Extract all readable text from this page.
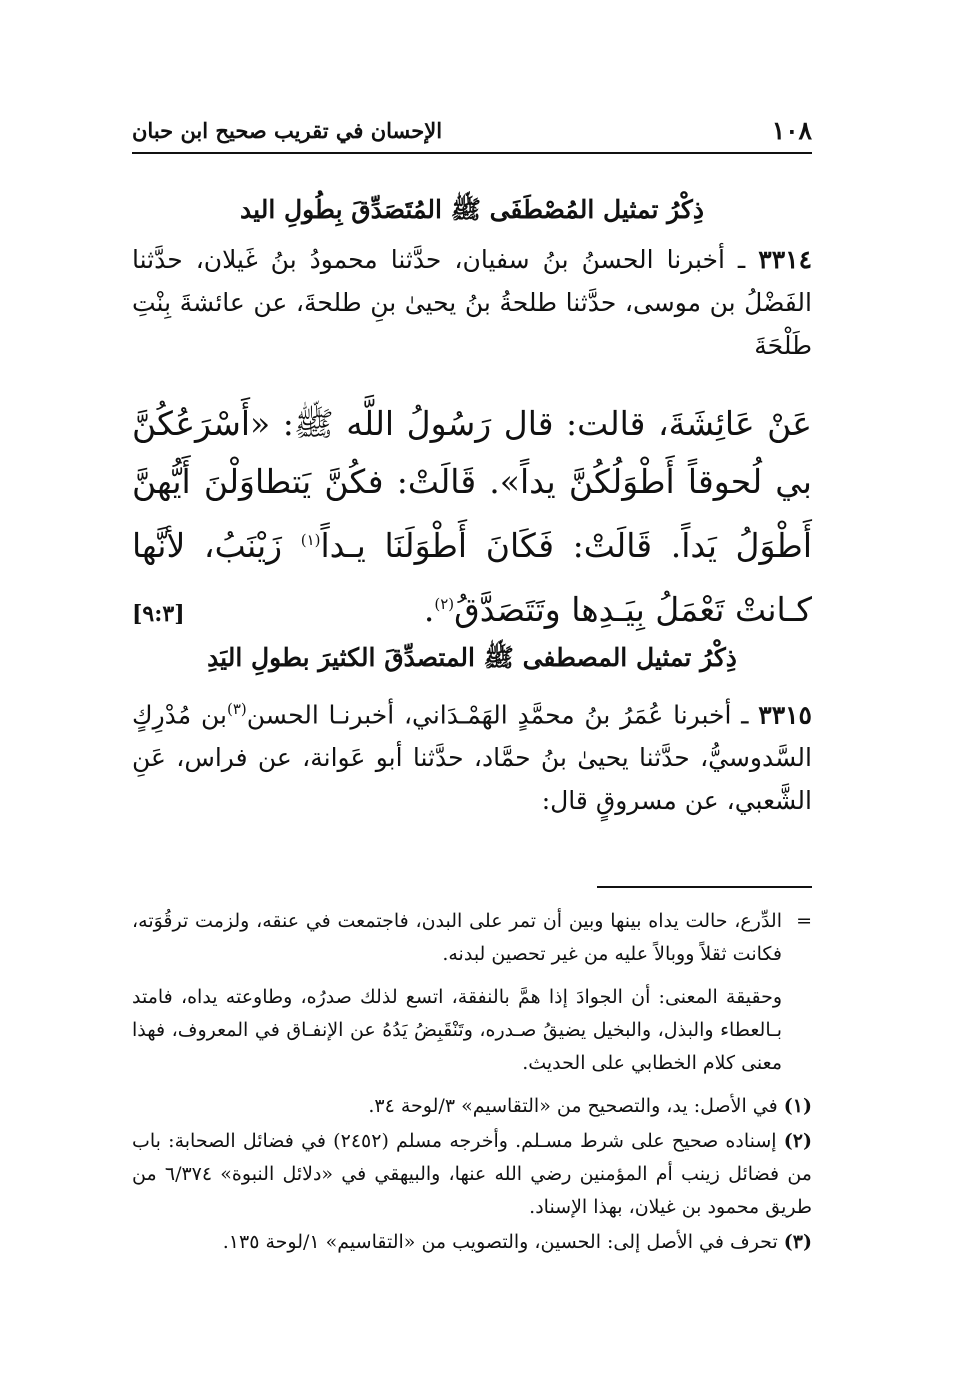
١٠٨
الإحسان في تقريب صحيح ابن حبان
ذِكْرُ تمثيل المُصْطَفَى ﷺ المُتَصَدِّقَ بِطُولِ اليد

٣٣١٤ ـ أخبرنا الحسنُ بنُ سفيان، حدَّثنا محمودُ بنُ غَيلان، حدَّثنا الفَضْلُ بن موسى، حدَّثنا طلحةُ بنُ يحيىٰ بنِ طلحةَ، عن عائشةَ بِنْتِ طَلْحَةَ

عَنْ عَائِشَةَ، قالت: قال رَسُولُ اللَّه ﷺ: «أَسْرَعُكُنَّ بي لُحوقاً أَطْوَلُكُنَّ يداً». قَالَتْ: فكُنَّ يَتطاوَلْنَ أَيُّهنَّ أَطْوَلُ يَداً. قَالَتْ: فَكَانَ أَطْوَلَنَا يـداً$^{(١)}$ زَيْنَبُ، لأنَّها كـانتْ تَعْمَلُ بِيَـدِها وتَتَصَدَّقُ$^{(٢)}$.

[٩:٣]
ذِكْرُ تمثيل المصطفى ﷺ المتصدِّقَ الكثيرَ بطولِ اليَدِ

٣٣١٥ ـ أخبرنا عُمَرُ بنُ محمَّدٍ الهَمْـدَاني، أخبرنـا الحسن$^{(٣)}$بن مُدْرِكٍ السَّدوسيُّ، حدَّثنا يحيىٰ بنُ حمَّاد، حدَّثنا أبو عَوانة، عن فراس، عَنِ الشَّعبي، عن مسروقٍ قال:

=
الدِّرع، حالت يداه بينها وبين أن تمر على البدن، فاجتمعت في عنقه، ولزمت ترقُوَته، فكانت ثقلاً ووبالاً عليه من غير تحصين لبدنه.

وحقيقة المعنى: أن الجوادَ إذا همَّ بالنفقة، اتسع لذلك صدرُه، وطاوعته يداه، فامتد بـالعطاء والبذل، والبخيل يضيقُ صـدره، وتَنْقَبِضُ يَدُهُ عن الإنفـاق في المعروف، فهذا معنى كلام الخطابي على الحديث.

(١) في الأصل: يد، والتصحيح من «التقاسيم» ٣/لوحة ٣٤.

(٢) إسناده صحيح على شرط مسـلم. وأخرجه مسلم (٢٤٥٢) في فضائل الصحابة: باب من فضائل زينب أم المؤمنين رضي الله عنها، والبيهقي في «دلائل النبوة» ٦/٣٧٤ من طريق محمود بن غيلان، بهذا الإسناد.

(٣) تحرف في الأصل إلى: الحسين، والتصويب من «التقاسيم» ١/لوحة ١٣٥.
